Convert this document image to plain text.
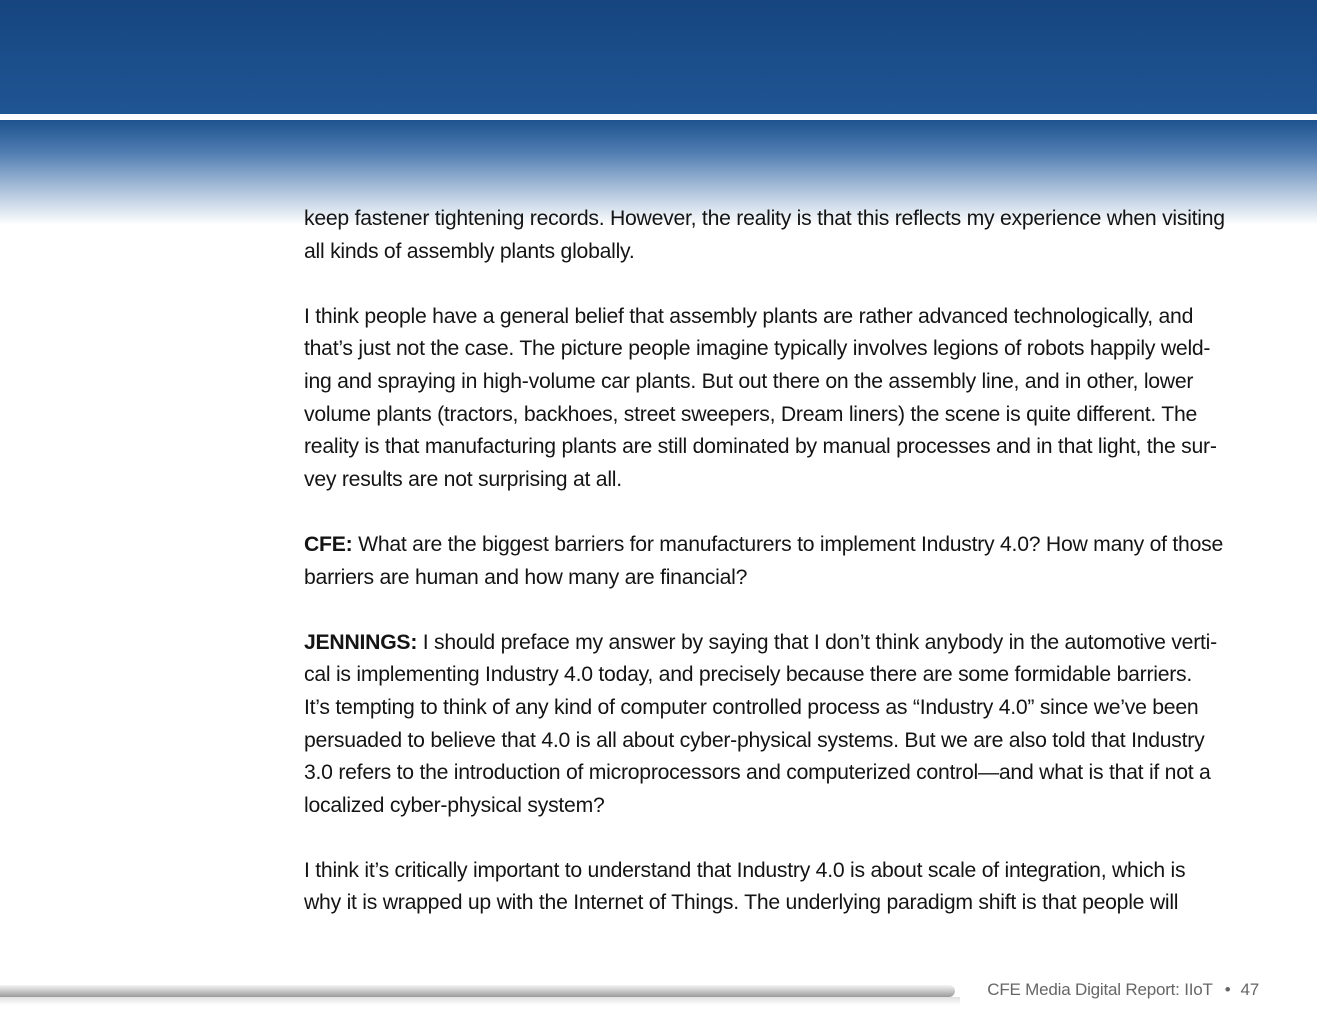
keep fastener tightening records. However, the reality is that this reflects my experience when visiting
all kinds of assembly plants globally.

I think people have a general belief that assembly plants are rather advanced technologically, and
that’s just not the case. The picture people imagine typically involves legions of robots happily weld-
ing and spraying in high-volume car plants. But out there on the assembly line, and in other, lower
volume plants (tractors, backhoes, street sweepers, Dream liners) the scene is quite different. The
reality is that manufacturing plants are still dominated by manual processes and in that light, the sur-
vey results are not surprising at all.

CFE: What are the biggest barriers for manufacturers to implement Industry 4.0? How many of those
barriers are human and how many are financial?

JENNINGS: I should preface my answer by saying that I don’t think anybody in the automotive verti-
cal is implementing Industry 4.0 today, and precisely because there are some formidable barriers.
It’s tempting to think of any kind of computer controlled process as “Industry 4.0” since we’ve been
persuaded to believe that 4.0 is all about cyber-physical systems. But we are also told that Industry
3.0 refers to the introduction of microprocessors and computerized control—and what is that if not a
localized cyber-physical system?

I think it’s critically important to understand that Industry 4.0 is about scale of integration, which is
why it is wrapped up with the Internet of Things. The underlying paradigm shift is that people will

CFE Media Digital Report: IIoT • 47
